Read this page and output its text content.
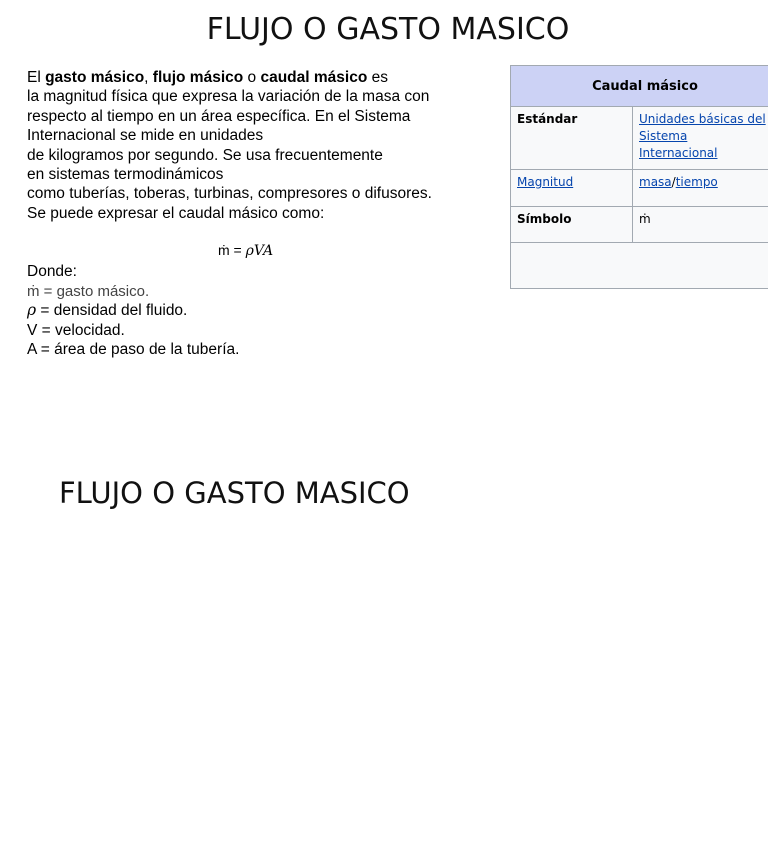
FLUJO O GASTO MASICO
El gasto másico, flujo másico o caudal másico es
la magnitud física que expresa la variación de la masa con
respecto al tiempo en un área específica. En el Sistema
Internacional se mide en unidades
de kilogramos por segundo. Se usa frecuentemente
en sistemas termodinámicos
como tuberías, toberas, turbinas, compresores o difusores.
Se puede expresar el caudal másico como:
ṁ = ρVA
Donde:
ṁ = gasto másico.
ρ = densidad del fluido.
V = velocidad.
A = área de paso de la tubería.
Caudal másico	
Estándar	Unidades básicas del
Sistema
Internacional
Magnitud	masa/tiempo
Símbolo	ṁ

FLUJO O GASTO MASICO
